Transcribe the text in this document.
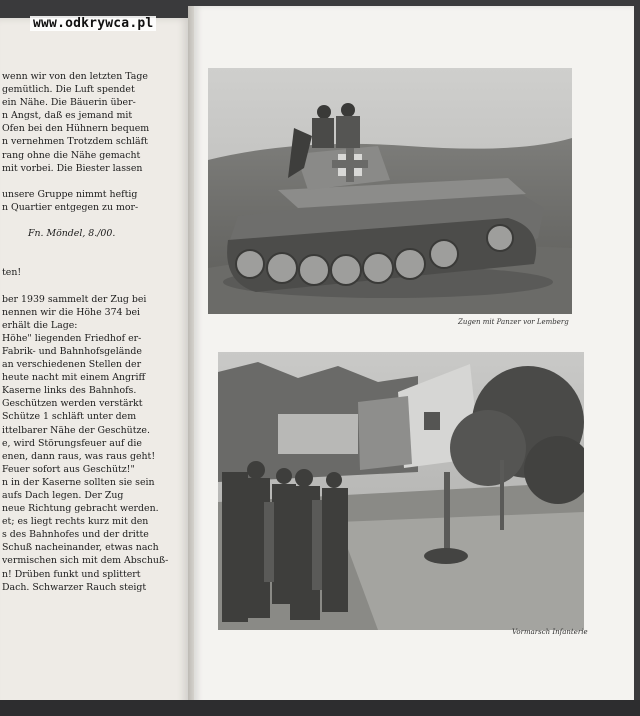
wenn wir von den letzten Tage
gemütlich. Die Luft spendet
ein Nähe. Die Bäuerin über-
n Angst, daß es jemand mit
Ofen bei den Hühnern bequem
n vernehmen Trotzdem schläft
rang ohne die Nähe gemacht
mit vorbei. Die Biester lassen
unsere Gruppe nimmt heftig
n Quartier entgegen zu mor-
Fn. Möndel, 8./00.
ten!
ber 1939 sammelt der Zug bei
nennen wir die Höhe 374 bei
erhält die Lage:
Höhe" liegenden Friedhof er-
Fabrik- und Bahnhofsgelände
an verschiedenen Stellen der
heute nacht mit einem Angriff
Kaserne links des Bahnhofs.
Geschützen werden verstärkt
Schütze 1 schläft unter dem
ittelbarer Nähe der Geschütze.
e, wird Störungsfeuer auf die
enen, dann raus, was raus geht!
Feuer sofort aus Geschütz!"
n in der Kaserne sollten sie sein
aufs Dach legen. Der Zug
neue Richtung gebracht werden.
et; es liegt rechts kurz mit den
s des Bahnhofes und der dritte
Schuß nacheinander, etwas nach
vermischen sich mit dem Abschuß-
n! Drüben funkt und splittert
Dach. Schwarzer Rauch steigt
Zugen mit Panzer vor Lemberg
Vormarsch Infanterie
www.odkrywca.pl
